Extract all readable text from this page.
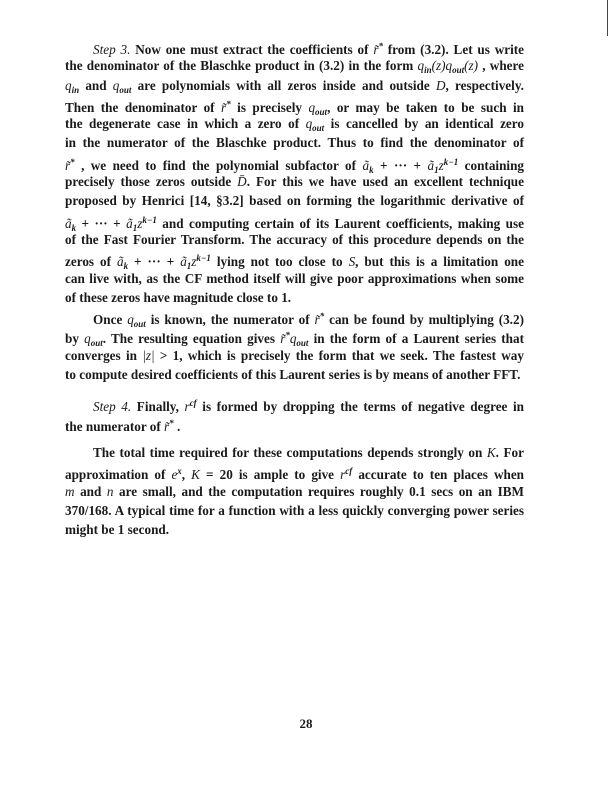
Step 3. Now one must extract the coefficients of r̃* from (3.2). Let us write
the denominator of the Blaschke product in (3.2) in the form $q_{in}(z)q_{out}(z)$ , where
$q_{in}$ and $q_{out}$ are polynomials with all zeros inside and outside D, respectively.
Then the denominator of r̃* is precisely $q_{out}$, or may be taken to be such in
the degenerate case in which a zero of $q_{out}$ is cancelled by an identical zero
in the numerator of the Blaschke product. Thus to find the denominator of
r̃* , we need to find the polynomial subfactor of $ã_k$ + ··· + $ã_1z^{k-1}$ containing
precisely those zeros outside D̄. For this we have used an excellent technique
proposed by Henrici [14, §3.2] based on forming the logarithmic derivative of
$ã_k$ + ··· + $ã_1z^{k-1}$ and computing certain of its Laurent coefficients, making use
of the Fast Fourier Transform. The accuracy of this procedure depends on the
zeros of $ã_k$ + ··· + $ã_1z^{k-1}$ lying not too close to S, but this is a limitation one
can live with, as the CF method itself will give poor approximations when some
of these zeros have magnitude close to 1.
Once $q_{out}$ is known, the numerator of r̃* can be found by multiplying (3.2)
by $q_{out}$. The resulting equation gives $r̃^*q_{out}$ in the form of a Laurent series that
converges in |z| > 1, which is precisely the form that we seek. The fastest way
to compute desired coefficients of this Laurent series is by means of another FFT.
Step 4. Finally, $r^{cf}$ is formed by dropping the terms of negative degree in
the numerator of r̃* .
The total time required for these computations depends strongly on K. For
approximation of $e^x$, K = 20 is ample to give $r^{cf}$ accurate to ten places when
m and n are small, and the computation requires roughly 0.1 secs on an IBM
370/168. A typical time for a function with a less quickly converging power series
might be 1 second.
28
